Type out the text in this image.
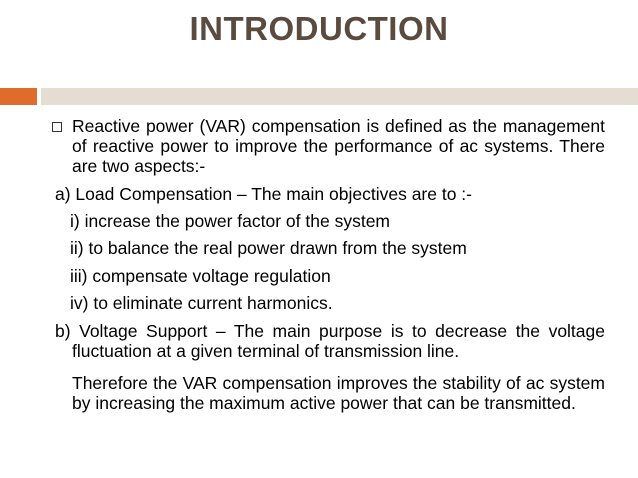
INTRODUCTION
Reactive power (VAR) compensation is defined as the management of reactive power to improve the performance of ac systems. There are two aspects:-
a) Load Compensation – The main objectives are to :-
i) increase the power factor of the system
ii) to balance the real power drawn from the system
iii) compensate voltage regulation
iv) to eliminate current harmonics.
b) Voltage Support – The main purpose is to decrease the voltage fluctuation at a given terminal of transmission line.
Therefore the VAR compensation improves the stability of ac system by increasing the maximum active power that can be transmitted.
